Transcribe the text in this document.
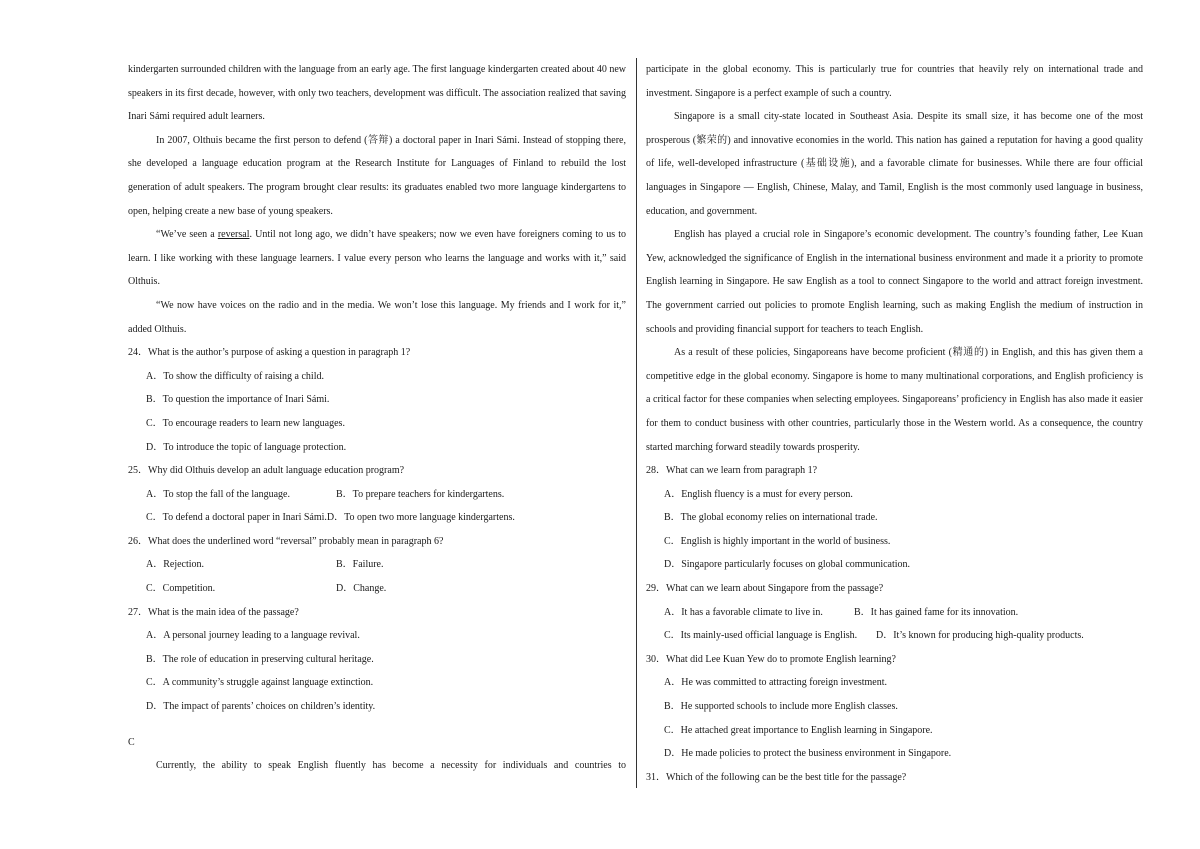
kindergarten surrounded children with the language from an early age. The first language kindergarten created about 40 new speakers in its first decade, however, with only two teachers, development was difficult. The association realized that saving Inari Sámi required adult learners.

In 2007, Olthuis became the first person to defend (答辩) a doctoral paper in Inari Sámi. Instead of stopping there, she developed a language education program at the Research Institute for Languages of Finland to rebuild the lost generation of adult speakers. The program brought clear results: its graduates enabled two more language kindergartens to open, helping create a new base of young speakers.

“We’ve seen a reversal. Until not long ago, we didn’t have speakers; now we even have foreigners coming to us to learn. I like working with these language learners. I value every person who learns the language and works with it,” said Olthuis.

“We now have voices on the radio and in the media. We won’t lose this language. My friends and I work for it,” added Olthuis.

24．What is the author’s purpose of asking a question in paragraph 1?

A．To show the difficulty of raising a child.

B．To question the importance of Inari Sámi.

C．To encourage readers to learn new languages.

D．To introduce the topic of language protection.

25．Why did Olthuis develop an adult language education program?

A．To stop the fall of the language.	B．To prepare teachers for kindergartens.
C．To defend a doctoral paper in Inari Sámi. D．To open two more language kindergartens.

26．What does the underlined word “reversal” probably mean in paragraph 6?

A．Rejection.	B．Failure.
C．Competition.	D．Change.

27．What is the main idea of the passage?

A．A personal journey leading to a language revival.

B．The role of education in preserving cultural heritage.

C．A community’s struggle against language extinction.

D．The impact of parents’ choices on children’s identity.

C

Currently, the ability to speak English fluently has become a necessity for individuals and countries to

participate in the global economy. This is particularly true for countries that heavily rely on international trade and investment. Singapore is a perfect example of such a country.

Singapore is a small city-state located in Southeast Asia. Despite its small size, it has become one of the most prosperous (繁荣的) and innovative economies in the world. This nation has gained a reputation for having a good quality of life, well-developed infrastructure (基础设施), and a favorable climate for businesses. While there are four official languages in Singapore — English, Chinese, Malay, and Tamil, English is the most commonly used language in business, education, and government.

English has played a crucial role in Singapore’s economic development. The country’s founding father, Lee Kuan Yew, acknowledged the significance of English in the international business environment and made it a priority to promote English learning in Singapore. He saw English as a tool to connect Singapore to the world and attract foreign investment. The government carried out policies to promote English learning, such as making English the medium of instruction in schools and providing financial support for teachers to teach English.

As a result of these policies, Singaporeans have become proficient (精通的) in English, and this has given them a competitive edge in the global economy. Singapore is home to many multinational corporations, and English proficiency is a critical factor for these companies when selecting employees. Singaporeans’ proficiency in English has also made it easier for them to conduct business with other countries, particularly those in the Western world. As a consequence, the country started marching forward steadily towards prosperity.

28．What can we learn from paragraph 1?

A．English fluency is a must for every person.

B．The global economy relies on international trade.

C．English is highly important in the world of business.

D．Singapore particularly focuses on global communication.

29．What can we learn about Singapore from the passage?

A．It has a favorable climate to live in.	B．It has gained fame for its innovation.
C．Its mainly-used official language is English.	D．It’s known for producing high-quality products.

30．What did Lee Kuan Yew do to promote English learning?

A．He was committed to attracting foreign investment.

B．He supported schools to include more English classes.

C．He attached great importance to English learning in Singapore.

D．He made policies to protect the business environment in Singapore.

31．Which of the following can be the best title for the passage?
